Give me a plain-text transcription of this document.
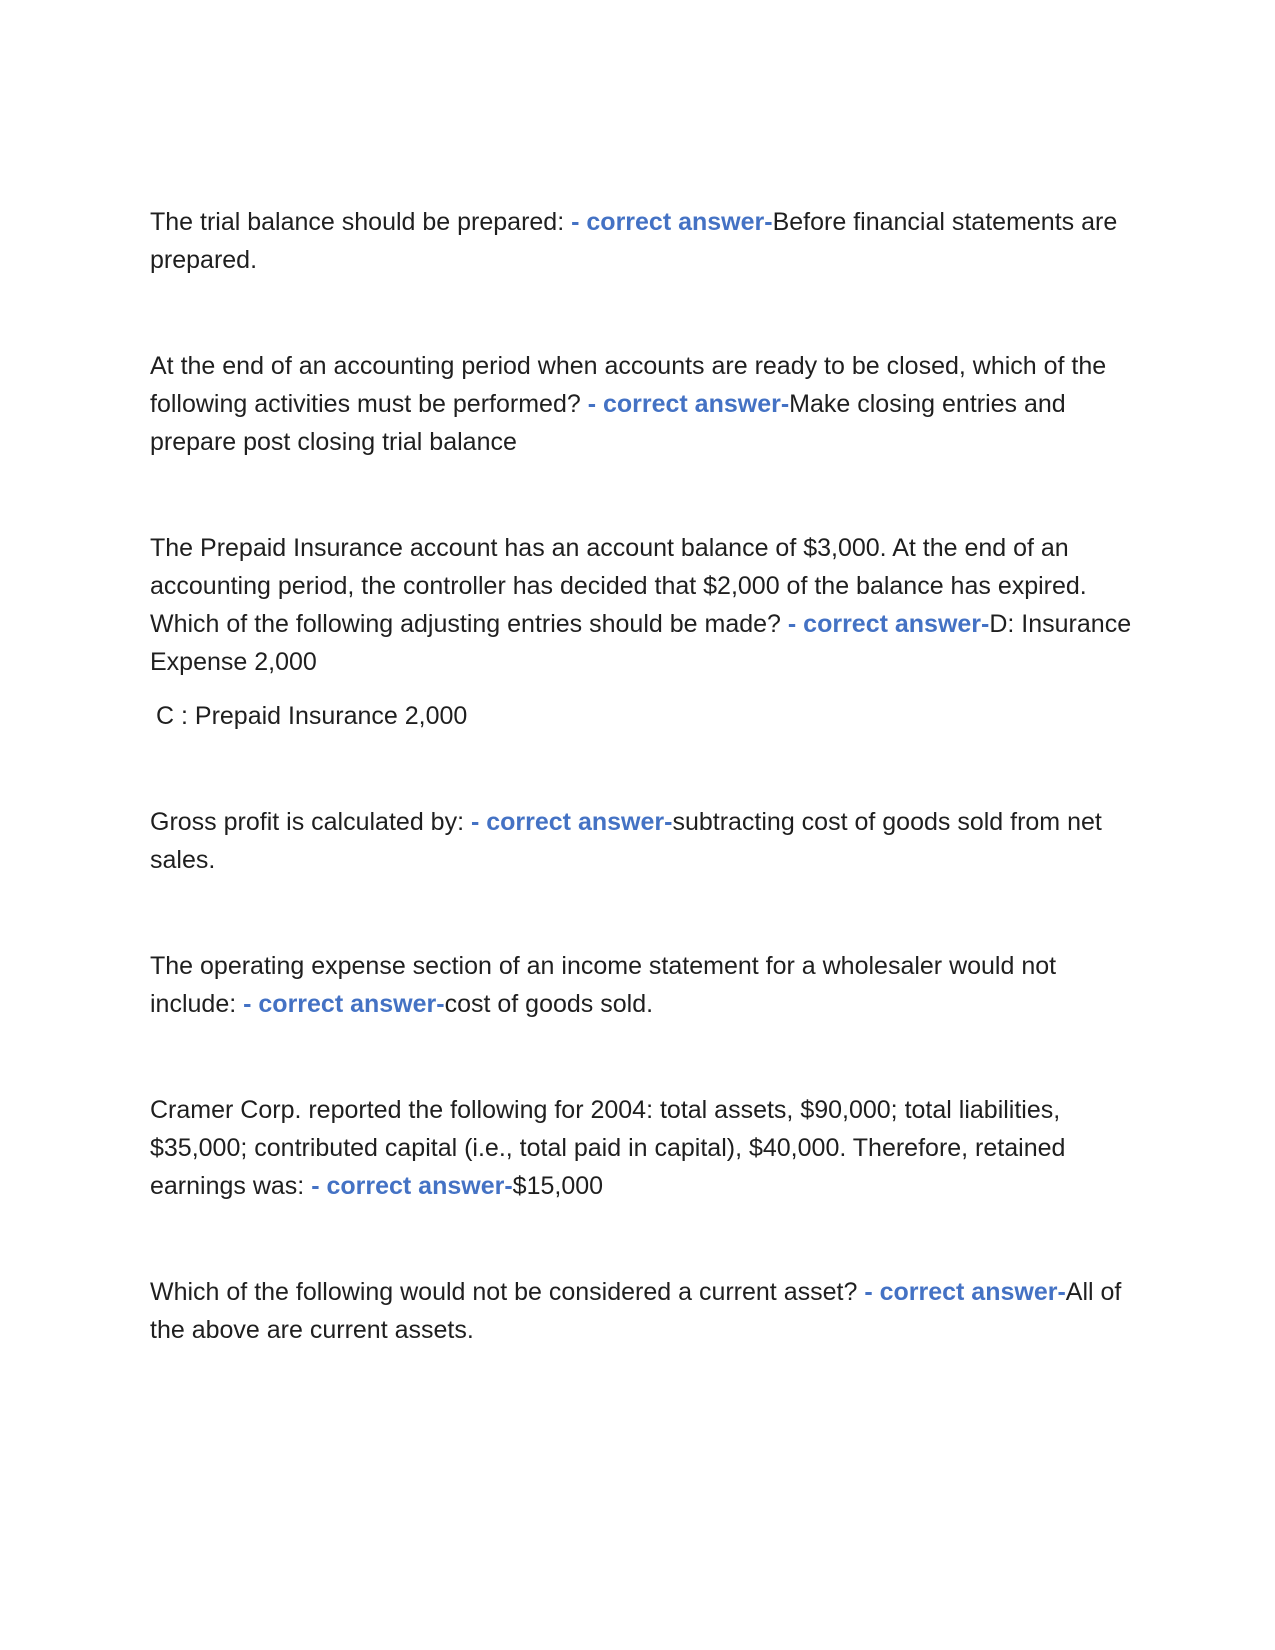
The trial balance should be prepared: - correct answer-Before financial statements are prepared.

At the end of an accounting period when accounts are ready to be closed, which of the following activities must be performed? - correct answer-Make closing entries and prepare post closing trial balance

The Prepaid Insurance account has an account balance of $3,000. At the end of an accounting period, the controller has decided that $2,000 of the balance has expired. Which of the following adjusting entries should be made? - correct answer-D: Insurance Expense 2,000

C : Prepaid Insurance 2,000

Gross profit is calculated by: - correct answer-subtracting cost of goods sold from net sales.

The operating expense section of an income statement for a wholesaler would not include: - correct answer-cost of goods sold.

Cramer Corp. reported the following for 2004: total assets, $90,000; total liabilities, $35,000; contributed capital (i.e., total paid in capital), $40,000. Therefore, retained earnings was: - correct answer-$15,000

Which of the following would not be considered a current asset? - correct answer-All of the above are current assets.
